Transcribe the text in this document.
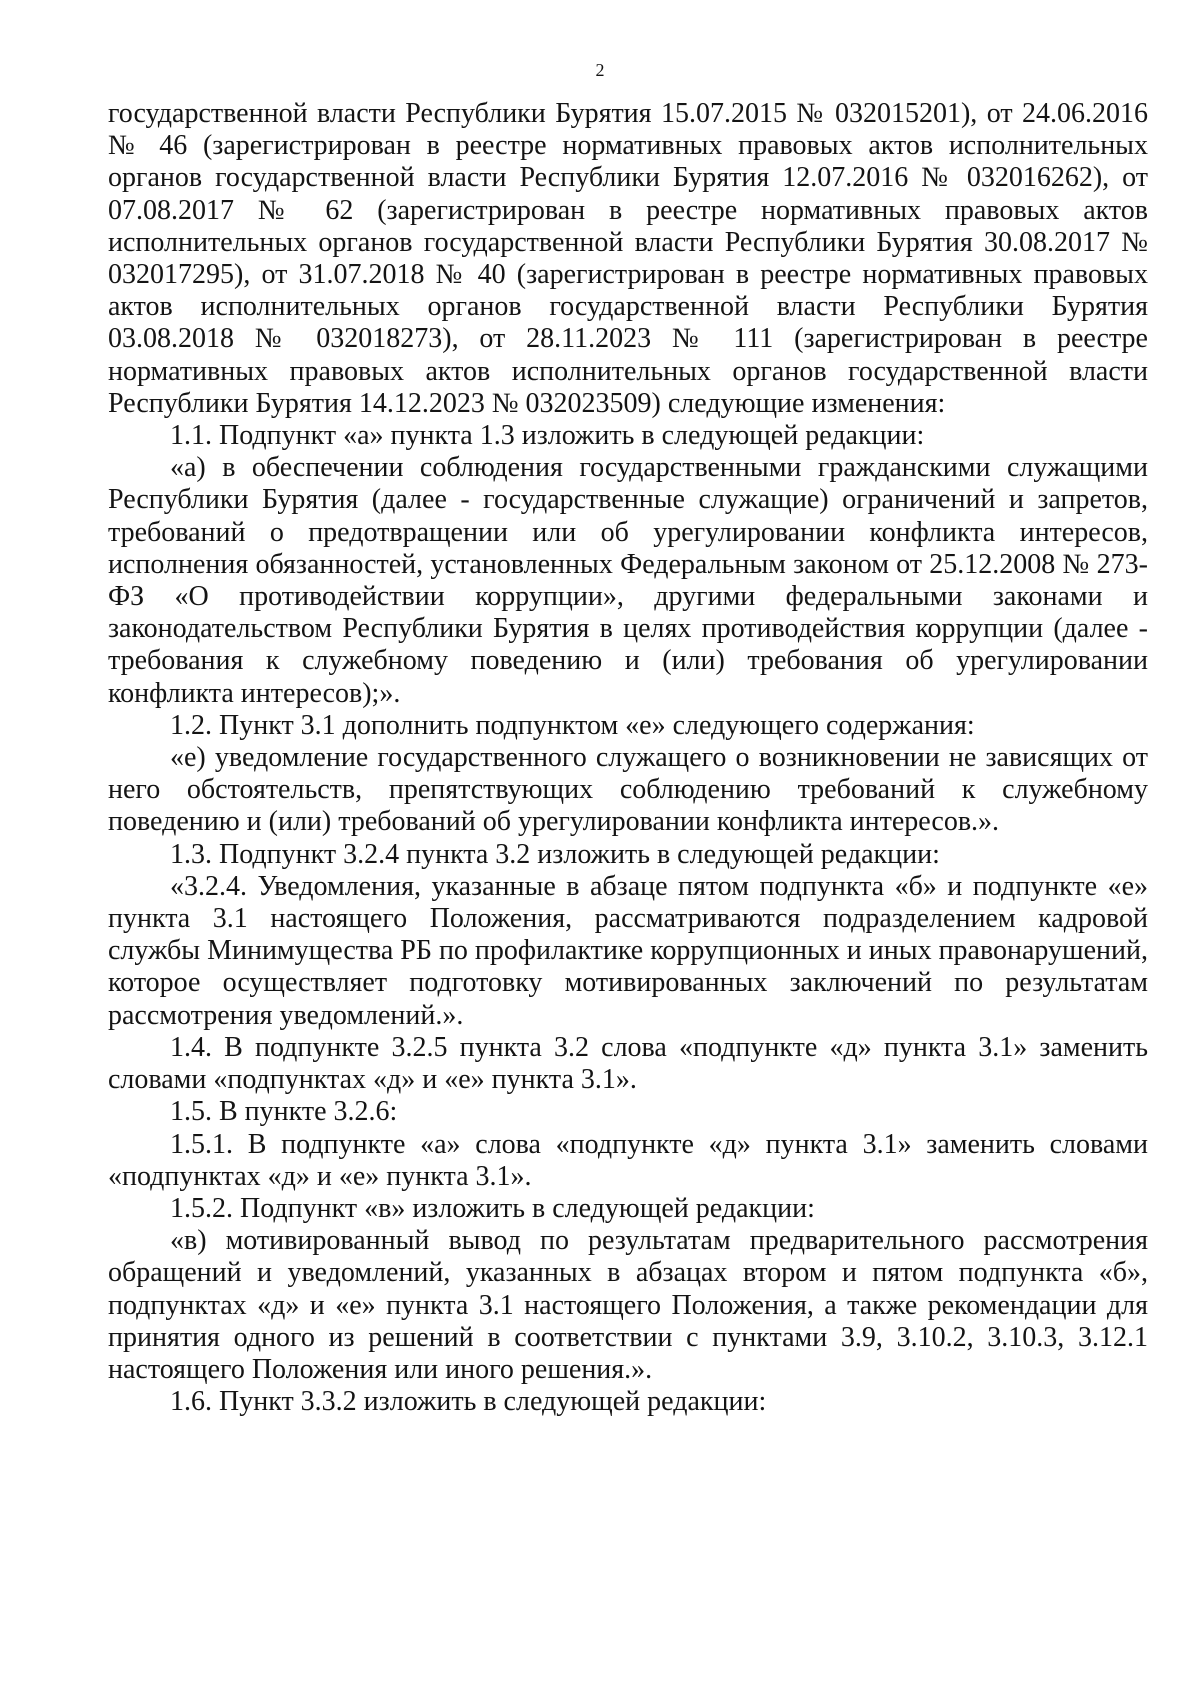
2

государственной власти Республики Бурятия 15.07.2015 № 032015201), от 24.06.2016 № 46 (зарегистрирован в реестре нормативных правовых актов исполнительных органов государственной власти Республики Бурятия 12.07.2016 № 032016262), от 07.08.2017 № 62 (зарегистрирован в реестре нормативных правовых актов исполнительных органов государственной власти Республики Бурятия 30.08.2017 № 032017295), от 31.07.2018 № 40 (зарегистрирован в реестре нормативных правовых актов исполнительных органов государственной власти Республики Бурятия 03.08.2018 № 032018273), от 28.11.2023 № 111 (зарегистрирован в реестре нормативных правовых актов исполнительных органов государственной власти Республики Бурятия 14.12.2023 № 032023509) следующие изменения:

1.1. Подпункт «а» пункта 1.3 изложить в следующей редакции:

«а) в обеспечении соблюдения государственными гражданскими служащими Республики Бурятия (далее - государственные служащие) ограничений и запретов, требований о предотвращении или об урегулировании конфликта интересов, исполнения обязанностей, установленных Федеральным законом от 25.12.2008 № 273-ФЗ «О противодействии коррупции», другими федеральными законами и законодательством Республики Бурятия в целях противодействия коррупции (далее - требования к служебному поведению и (или) требования об урегулировании конфликта интересов);».

1.2. Пункт 3.1 дополнить подпунктом «е» следующего содержания:

«е) уведомление государственного служащего о возникновении не зависящих от него обстоятельств, препятствующих соблюдению требований к служебному поведению и (или) требований об урегулировании конфликта интересов.».

1.3. Подпункт 3.2.4 пункта 3.2 изложить в следующей редакции:

«3.2.4. Уведомления, указанные в абзаце пятом подпункта «б» и подпункте «е» пункта 3.1 настоящего Положения, рассматриваются подразделением кадровой службы Минимущества РБ по профилактике коррупционных и иных правонарушений, которое осуществляет подготовку мотивированных заключений по результатам рассмотрения уведомлений.».

1.4. В подпункте 3.2.5 пункта 3.2 слова «подпункте «д» пункта 3.1» заменить словами «подпунктах «д» и «е» пункта 3.1».

1.5. В пункте 3.2.6:

1.5.1. В подпункте «а» слова «подпункте «д» пункта 3.1» заменить словами «подпунктах «д» и «е» пункта 3.1».

1.5.2. Подпункт «в» изложить в следующей редакции:

«в) мотивированный вывод по результатам предварительного рассмотрения обращений и уведомлений, указанных в абзацах втором и пятом подпункта «б», подпунктах «д» и «е» пункта 3.1 настоящего Положения, а также рекомендации для принятия одного из решений в соответствии с пунктами 3.9, 3.10.2, 3.10.3, 3.12.1 настоящего Положения или иного решения.».

1.6. Пункт 3.3.2 изложить в следующей редакции:
